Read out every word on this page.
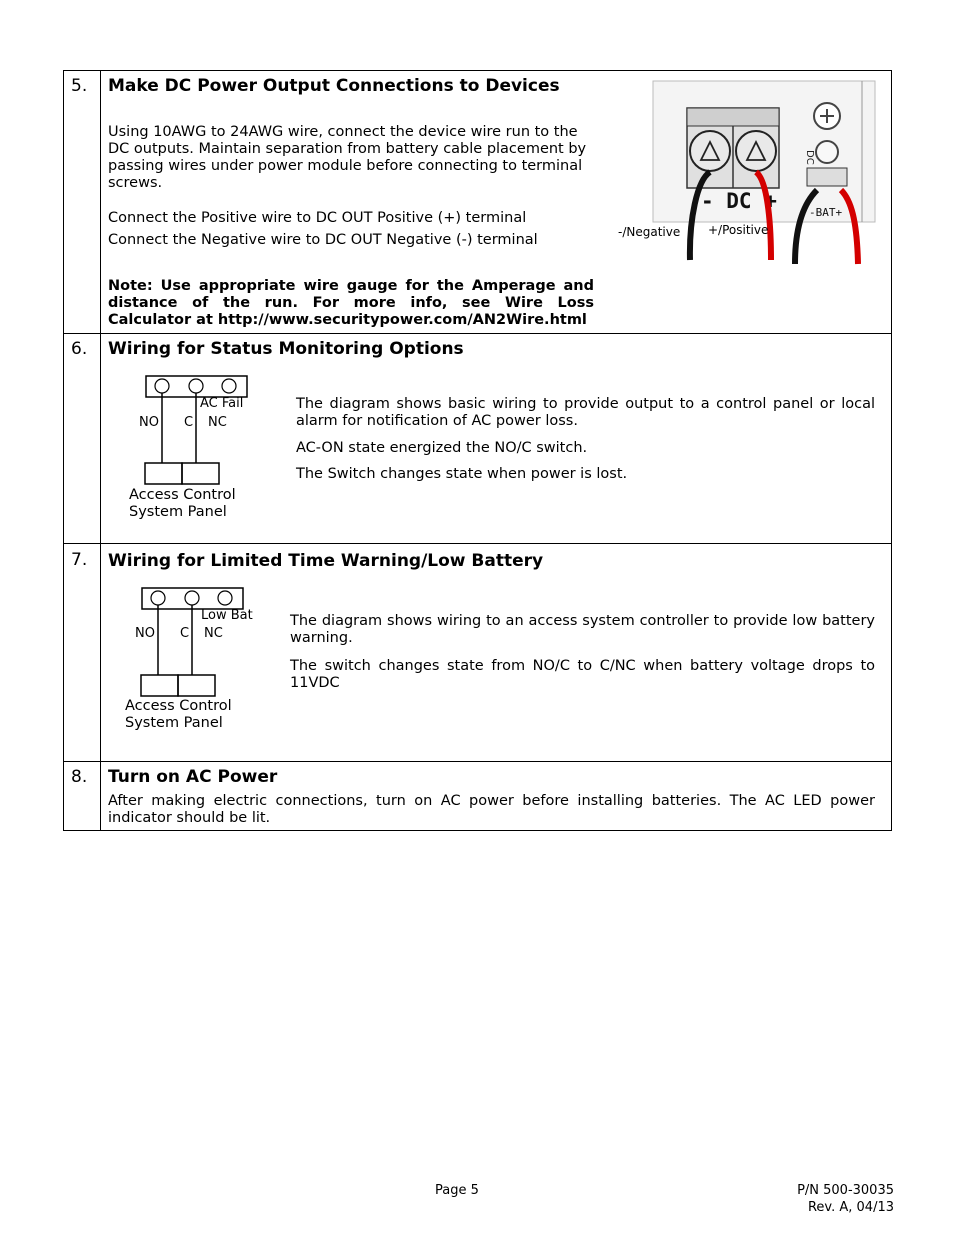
5. Make DC Power Output Connections to Devices
Using 10AWG to 24AWG wire, connect the device wire run to the DC outputs. Maintain separation from battery cable placement by passing wires under power module before connecting to terminal screws.
Connect the Positive wire to DC OUT Positive (+) terminal
Connect the Negative wire to DC OUT Negative (-) terminal
Note: Use appropriate wire gauge for the Amperage and distance of the run. For more info, see Wire Loss Calculator at http://www.securitypower.com/AN2Wire.html
DC
- DC +	-BAT+
-/Negative +/Positive
6. Wiring for Status Monitoring Options
AC Fail
NO C NC
Access Control
System Panel
The diagram shows basic wiring to provide output to a control panel or local alarm for notification of AC power loss.
AC-ON state energized the NO/C switch.
The Switch changes state when power is lost.
7. Wiring for Limited Time Warning/Low Battery
Low Bat
NO C NC
Access Control
System Panel
The diagram shows wiring to an access system controller to provide low battery warning.
The switch changes state from NO/C to C/NC when battery voltage drops to 11VDC
8. Turn on AC Power
After making electric connections, turn on AC power before installing batteries. The AC LED power indicator should be lit.
Page 5	P/N 500-30035
Rev. A, 04/13
